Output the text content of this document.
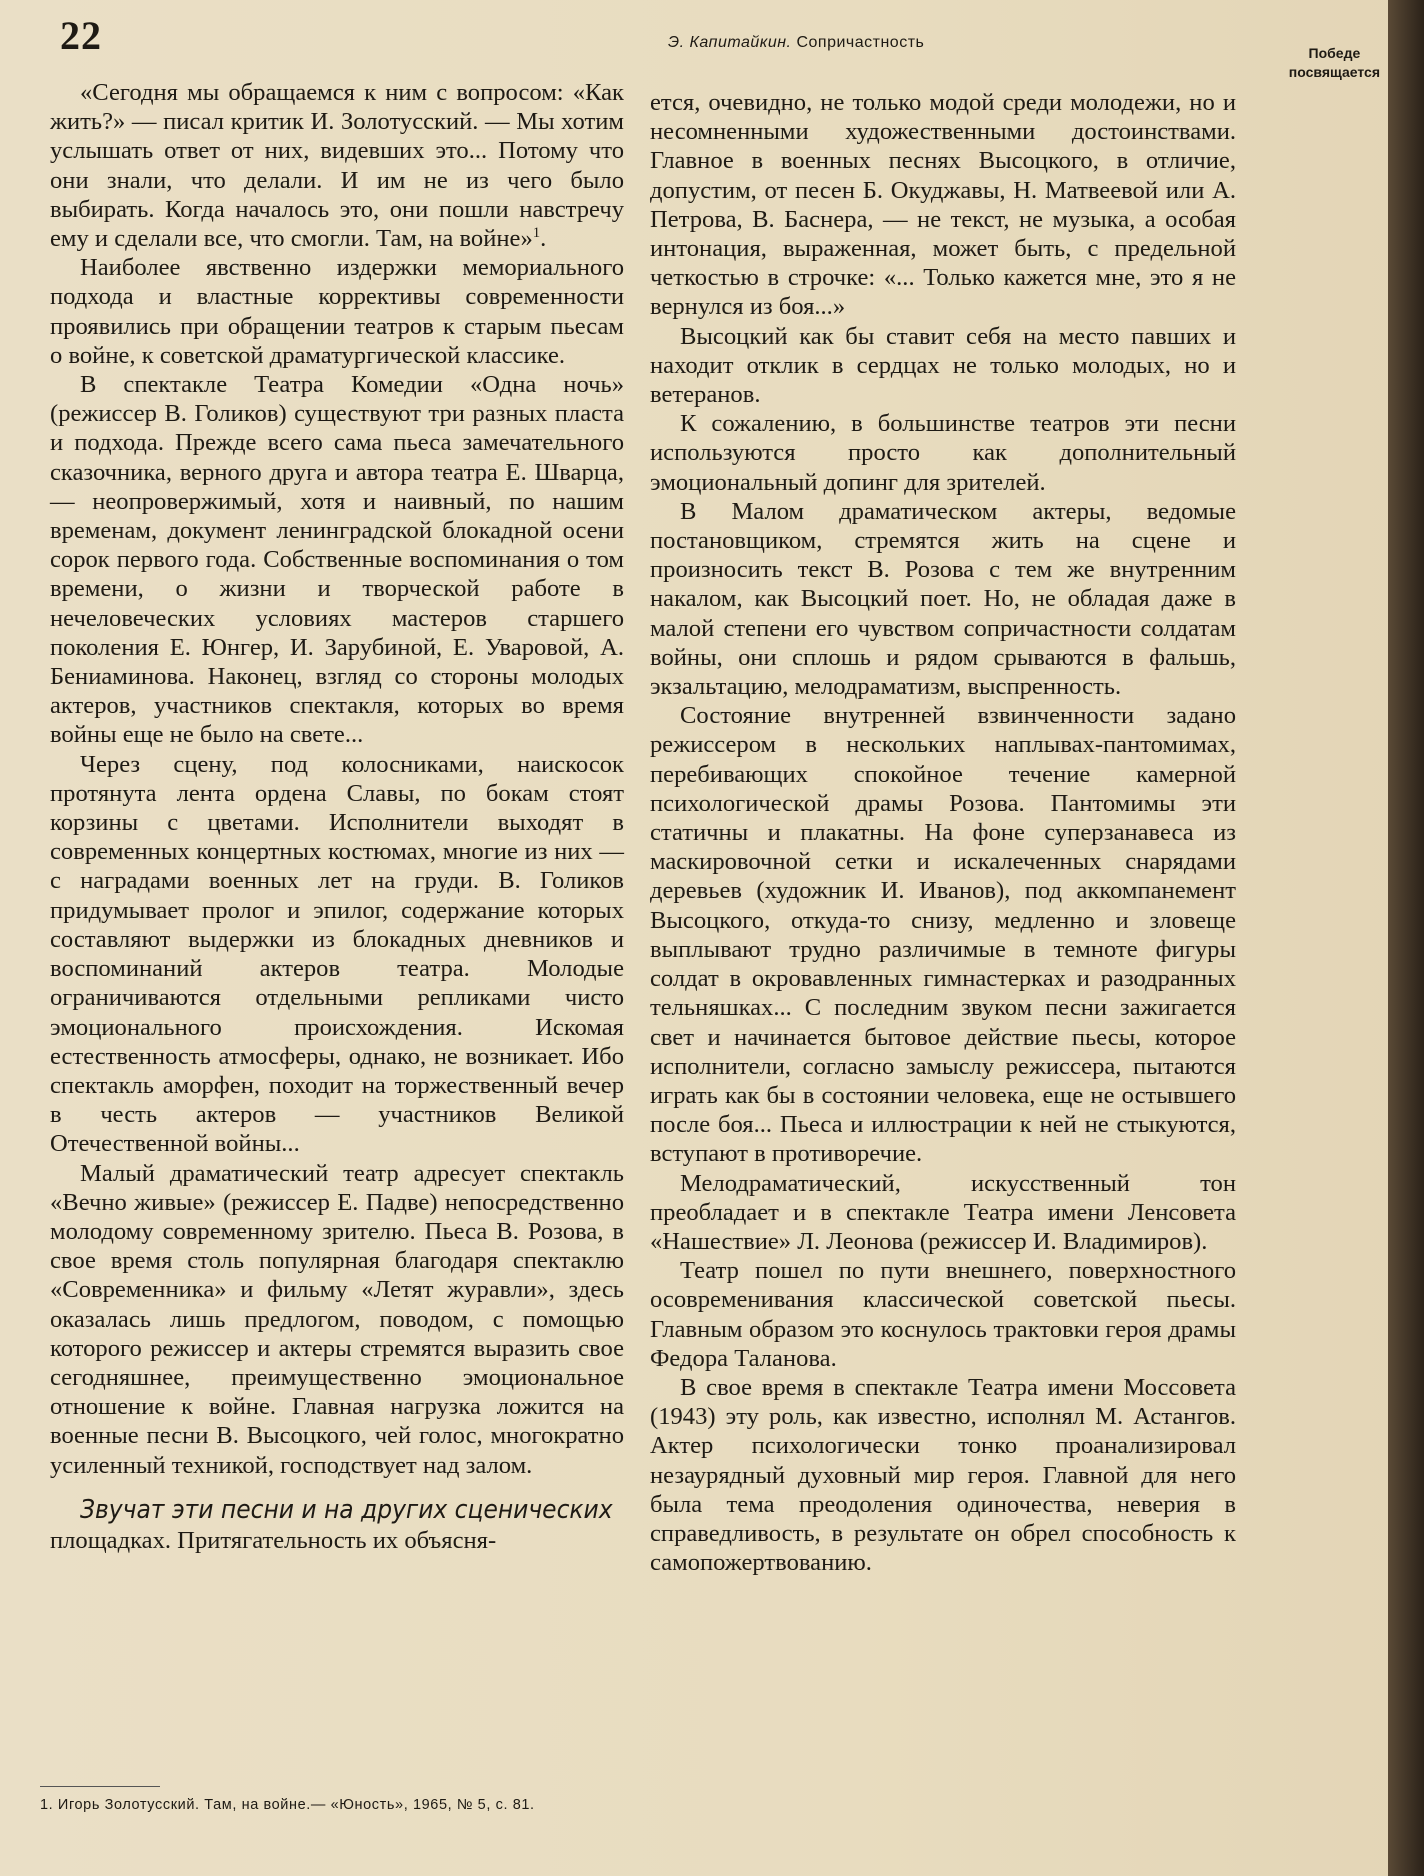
22	Э. Капитайкин. Сопричастность
Победе
посвящается

«Сегодня мы обращаемся к ним с вопросом: «Как жить?» — писал критик И. Золотусский. — Мы хотим услышать ответ от них, видевших это... Потому что они знали, что делали. И им не из чего было выбирать. Когда началось это, они пошли навстречу ему и сделали все, что смогли. Там, на войне»$^1$.

Наиболее явственно издержки мемориального подхода и властные коррективы современности проявились при обращении театров к старым пьесам о войне, к советской драматургической классике.

В спектакле Театра Комедии «Одна ночь» (режиссер В. Голиков) существуют три разных пласта и подхода. Прежде всего сама пьеса замечательного сказочника, верного друга и автора театра Е. Шварца, — неопровержимый, хотя и наивный, по нашим временам, документ ленинградской блокадной осени сорок первого года. Собственные воспоминания о том времени, о жизни и творческой работе в нечеловеческих условиях мастеров старшего поколения Е. Юнгер, И. Зарубиной, Е. Уваровой, А. Бениаминова. Наконец, взгляд со стороны молодых актеров, участников спектакля, которых во время войны еще не было на свете...

Через сцену, под колосниками, наискосок протянута лента ордена Славы, по бокам стоят корзины с цветами. Исполнители выходят в современных концертных костюмах, многие из них — с наградами военных лет на груди. В. Голиков придумывает пролог и эпилог, содержание которых составляют выдержки из блокадных дневников и воспоминаний актеров театра. Молодые ограничиваются отдельными репликами чисто эмоционального происхождения. Искомая естественность атмосферы, однако, не возникает. Ибо спектакль аморфен, походит на торжественный вечер в честь актеров — участников Великой Отечественной войны...

Малый драматический театр адресует спектакль «Вечно живые» (режиссер Е. Падве) непосредственно молодому современному зрителю. Пьеса В. Розова, в свое время столь популярная благодаря спектаклю «Современника» и фильму «Летят журавли», здесь оказалась лишь предлогом, поводом, с помощью которого режиссер и актеры стремятся выразить свое сегодняшнее, преимущественно эмоциональное отношение к войне. Главная нагрузка ложится на военные песни В. Высоцкого, чей голос, многократно усиленный техникой, господствует над залом.

Звучат эти песни и на других сценических

площадках. Притягательность их объясня-

1. Игорь Золотусский. Там, на войне.— «Юность», 1965, № 5, с. 81.

ется, очевидно, не только модой среди молодежи, но и несомненными художественными достоинствами. Главное в военных песнях Высоцкого, в отличие, допустим, от песен Б. Окуджавы, Н. Матвеевой или А. Петрова, В. Баснера, — не текст, не музыка, а особая интонация, выраженная, может быть, с предельной четкостью в строчке: «... Только кажется мне, это я не вернулся из боя...»

Высоцкий как бы ставит себя на место павших и находит отклик в сердцах не только молодых, но и ветеранов.

К сожалению, в большинстве театров эти песни используются просто как дополнительный эмоциональный допинг для зрителей.

В Малом драматическом актеры, ведомые постановщиком, стремятся жить на сцене и произносить текст В. Розова с тем же внутренним накалом, как Высоцкий поет. Но, не обладая даже в малой степени его чувством сопричастности солдатам войны, они сплошь и рядом срываются в фальшь, экзальтацию, мелодраматизм, выспренность.

Состояние внутренней взвинченности задано режиссером в нескольких наплывах-пантомимах, перебивающих спокойное течение камерной психологической драмы Розова. Пантомимы эти статичны и плакатны. На фоне суперзанавеса из маскировочной сетки и искалеченных снарядами деревьев (художник И. Иванов), под аккомпанемент Высоцкого, откуда-то снизу, медленно и зловеще выплывают трудно различимые в темноте фигуры солдат в окровавленных гимнастерках и разодранных тельняшках... С последним звуком песни зажигается свет и начинается бытовое действие пьесы, которое исполнители, согласно замыслу режиссера, пытаются играть как бы в состоянии человека, еще не остывшего после боя... Пьеса и иллюстрации к ней не стыкуются, вступают в противоречие.

Мелодраматический, искусственный тон преобладает и в спектакле Театра имени Ленсовета «Нашествие» Л. Леонова (режиссер И. Владимиров).

Театр пошел по пути внешнего, поверхностного осовременивания классической советской пьесы. Главным образом это коснулось трактовки героя драмы Федора Таланова.

В свое время в спектакле Театра имени Моссовета (1943) эту роль, как известно, исполнял М. Астангов. Актер психологически тонко проанализировал незаурядный духовный мир героя. Главной для него была тема преодоления одиночества, неверия в справедливость, в результате он обрел способность к самопожертвованию.
